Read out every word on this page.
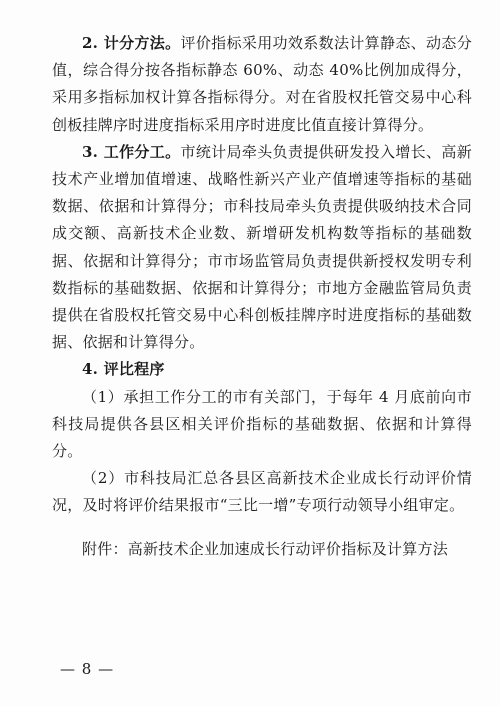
2. 计分方法。评价指标采用功效系数法计算静态、动态分值，综合得分按各指标静态 60%、动态 40%比例加成得分，采用多指标加权计算各指标得分。对在省股权托管交易中心科创板挂牌序时进度指标采用序时进度比值直接计算得分。

3. 工作分工。市统计局牵头负责提供研发投入增长、高新技术产业增加值增速、战略性新兴产业产值增速等指标的基础数据、依据和计算得分；市科技局牵头负责提供吸纳技术合同成交额、高新技术企业数、新增研发机构数等指标的基础数据、依据和计算得分；市市场监管局负责提供新授权发明专利数指标的基础数据、依据和计算得分；市地方金融监管局负责提供在省股权托管交易中心科创板挂牌序时进度指标的基础数据、依据和计算得分。

4. 评比程序

（1）承担工作分工的市有关部门，于每年 4 月底前向市科技局提供各县区相关评价指标的基础数据、依据和计算得分。

（2）市科技局汇总各县区高新技术企业成长行动评价情况，及时将评价结果报市“三比一增”专项行动领导小组审定。

附件：高新技术企业加速成长行动评价指标及计算方法

— 8 —
